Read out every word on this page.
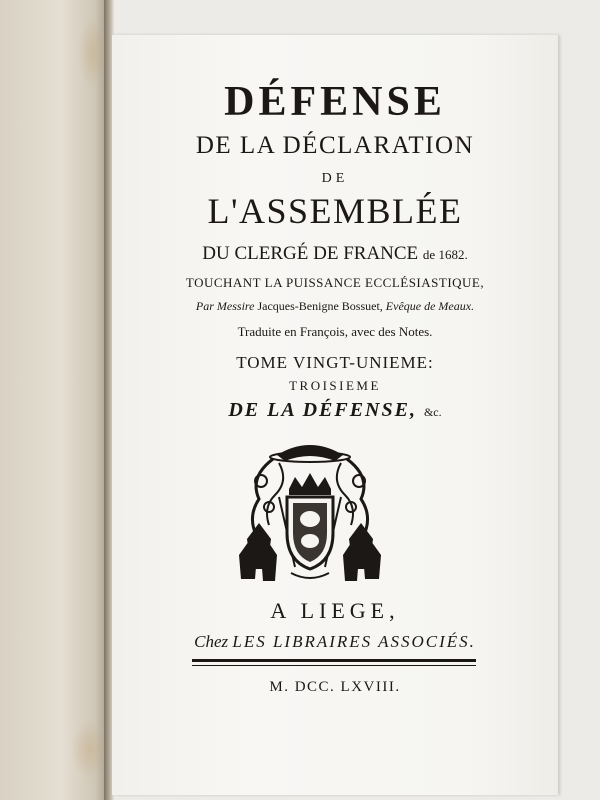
DÉFENSE
DE LA DÉCLARATION
DE
L'ASSEMBLÉE
DU CLERGÉ DE FRANCE de 1682.
TOUCHANT LA PUISSANCE ECCLÉSIASTIQUE,
Par Messire Jacques-Benigne Bossuet, Evêque de Meaux.
Traduite en François, avec des Notes.
TOME VINGT-UNIEME:
TROISIEME
DE LA DÉFENSE, &c.
A LIEGE,
Chez LES LIBRAIRES ASSOCIÉS.
M. DCC. LXVIII.
